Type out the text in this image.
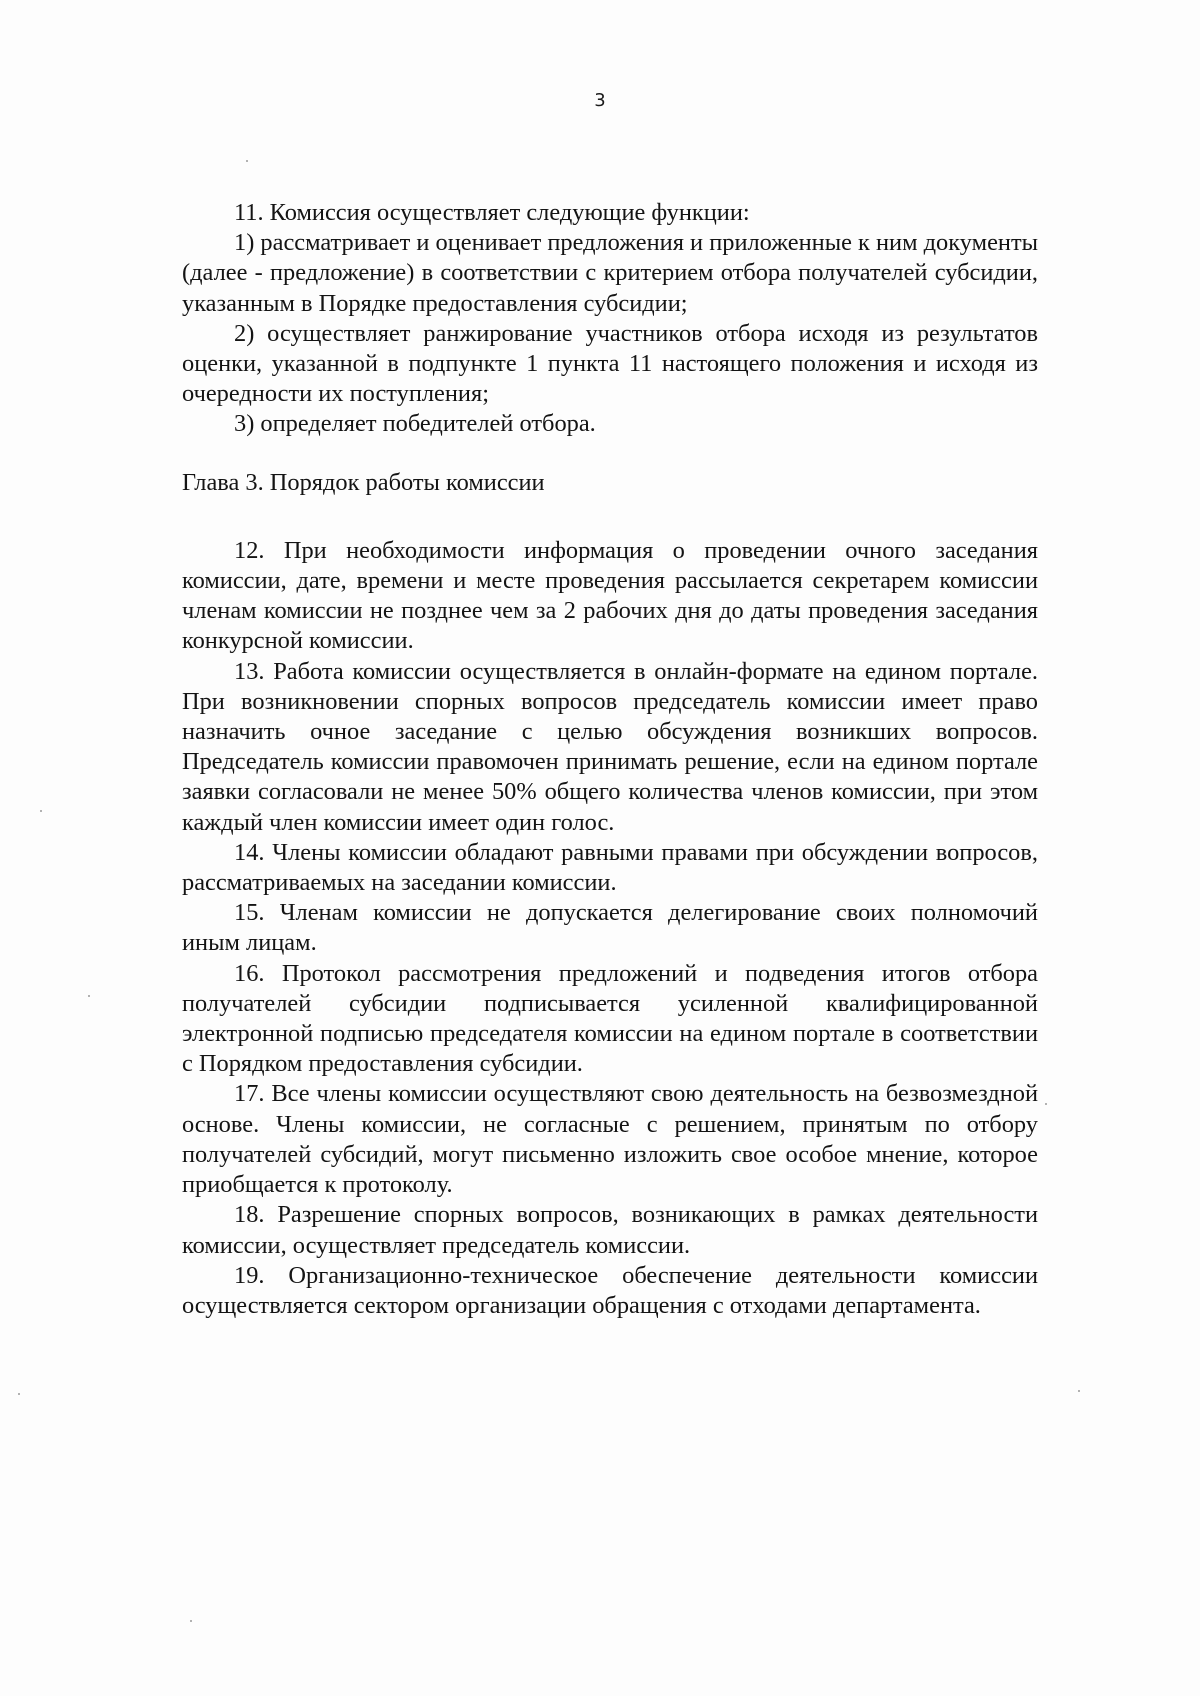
3

11. Комиссия осуществляет следующие функции:

1) рассматривает и оценивает предложения и приложенные к ним документы (далее - предложение) в соответствии с критерием отбора получателей субсидии, указанным в Порядке предоставления субсидии;

2) осуществляет ранжирование участников отбора исходя из результатов оценки, указанной в подпункте 1 пункта 11 настоящего положения и исходя из очередности их поступления;

3) определяет победителей отбора.

Глава 3. Порядок работы комиссии

12. При необходимости информация о проведении очного заседания комиссии, дате, времени и месте проведения рассылается секретарем комиссии членам комиссии не позднее чем за 2 рабочих дня до даты проведения заседания конкурсной комиссии.

13. Работа комиссии осуществляется в онлайн-формате на едином портале. При возникновении спорных вопросов председатель комиссии имеет право назначить очное заседание с целью обсуждения возникших вопросов. Председатель комиссии правомочен принимать решение, если на едином портале заявки согласовали не менее 50% общего количества членов комиссии, при этом каждый член комиссии имеет один голос.

14. Члены комиссии обладают равными правами при обсуждении вопросов, рассматриваемых на заседании комиссии.

15. Членам комиссии не допускается делегирование своих полномочий иным лицам.

16. Протокол рассмотрения предложений и подведения итогов отбора получателей субсидии подписывается усиленной квалифицированной электронной подписью председателя комиссии на едином портале в соответствии с Порядком предоставления субсидии.

17. Все члены комиссии осуществляют свою деятельность на безвозмездной основе. Члены комиссии, не согласные с решением, принятым по отбору получателей субсидий, могут письменно изложить свое особое мнение, которое приобщается к протоколу.

18. Разрешение спорных вопросов, возникающих в рамках деятельности комиссии, осуществляет председатель комиссии.

19. Организационно-техническое обеспечение деятельности комиссии осуществляется сектором организации обращения с отходами департамента.
